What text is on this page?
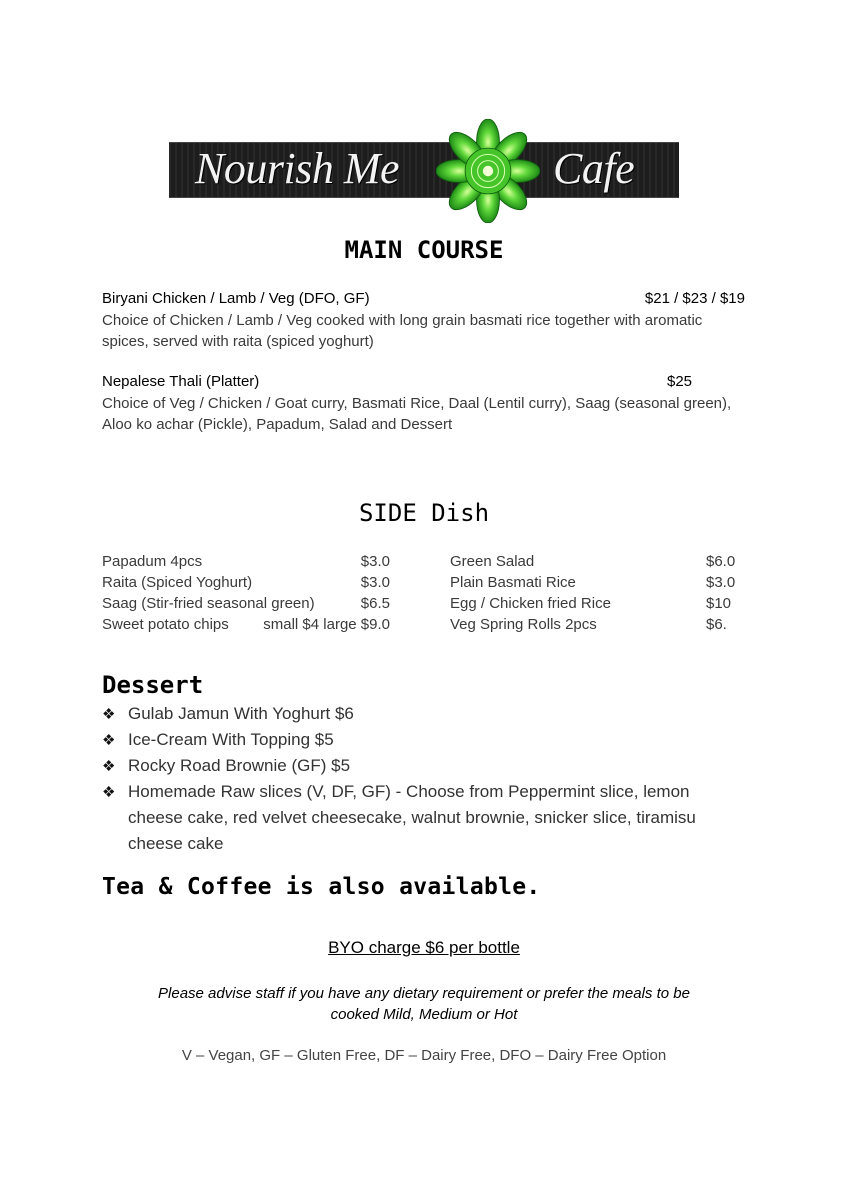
Nourish Me	Cafe
MAIN COURSE
Biryani Chicken / Lamb / Veg (DFO, GF)	$21 / $23 / $19
Choice of Chicken / Lamb / Veg cooked with long grain basmati rice together with aromatic
spices, served with raita (spiced yoghurt)
Nepalese Thali (Platter)	$25
Choice of Veg / Chicken / Goat curry, Basmati Rice, Daal (Lentil curry), Saag (seasonal green),
Aloo ko achar (Pickle), Papadum, Salad and Dessert
SIDE Dish
Papadum 4pcs	$3.0
Raita (Spiced Yoghurt)	$3.0
Saag (Stir-fried seasonal green)	$6.5
Sweet potato chips	small $4 large $9.0
Green Salad	$6.0
Plain Basmati Rice	$3.0
Egg / Chicken fried Rice	$10
Veg Spring Rolls 2pcs	$6.
Dessert
❖ Gulab Jamun With Yoghurt $6
❖ Ice-Cream With Topping $5
❖ Rocky Road Brownie (GF) $5
❖ Homemade Raw slices (V, DF, GF) - Choose from Peppermint slice, lemon
cheese cake, red velvet cheesecake, walnut brownie, snicker slice, tiramisu
cheese cake
Tea & Coffee is also available.
BYO charge $6 per bottle
Please advise staff if you have any dietary requirement or prefer the meals to be
cooked Mild, Medium or Hot
V – Vegan, GF – Gluten Free, DF – Dairy Free, DFO – Dairy Free Option
